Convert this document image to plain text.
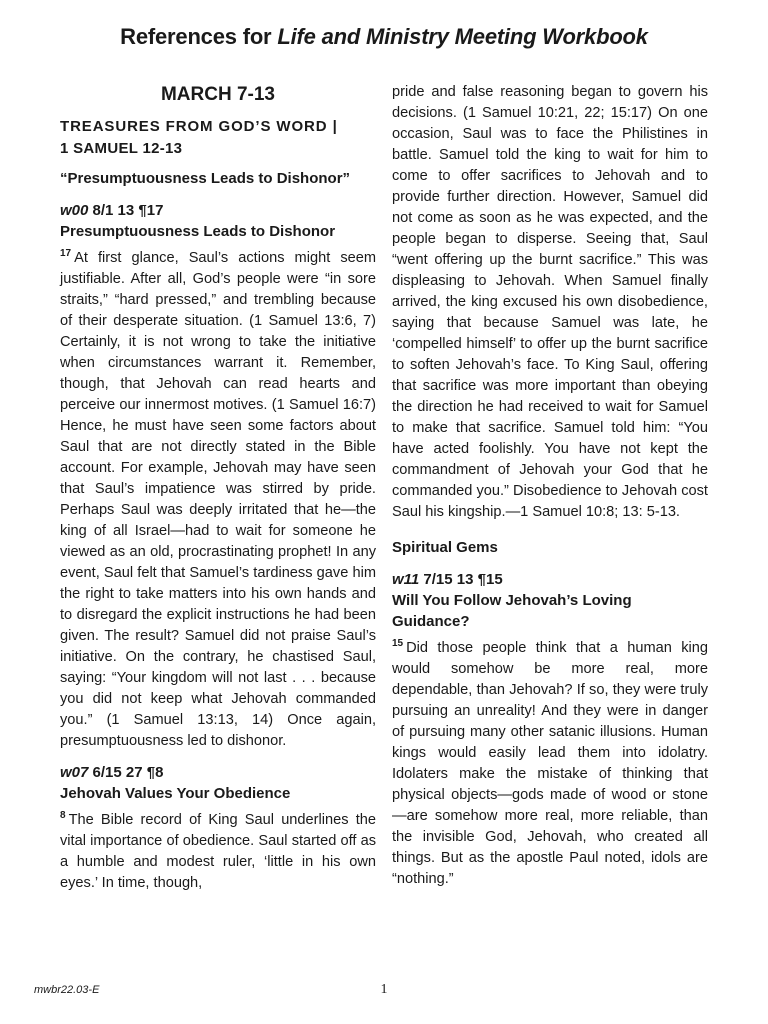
References for Life and Ministry Meeting Workbook
MARCH 7-13
TREASURES FROM GOD’S WORD |
1 SAMUEL 12-13
“Presumptuousness Leads to Dishonor”
w00 8/1 13 ¶17
Presumptuousness Leads to Dishonor

$^{17}$ At first glance, Saul’s actions might seem justifiable. After all, God’s people were “in sore straits,” “hard pressed,” and trembling because of their desperate situation. (1 Samuel 13:6, 7) Certainly, it is not wrong to take the initiative when circumstances warrant it. Remember, though, that Jehovah can read hearts and perceive our innermost motives. (1 Samuel 16:7) Hence, he must have seen some factors about Saul that are not directly stated in the Bible account. For example, Jehovah may have seen that Saul’s impatience was stirred by pride. Perhaps Saul was deeply irritated that he—the king of all Israel—had to wait for someone he viewed as an old, procrastinating prophet! In any event, Saul felt that Samuel’s tardiness gave him the right to take matters into his own hands and to disregard the explicit instructions he had been given. The result? Samuel did not praise Saul’s initiative. On the contrary, he chastised Saul, saying: “Your kingdom will not last . . . because you did not keep what Jehovah commanded you.” (1 Samuel 13:13, 14) Once again, presumptuousness led to dishonor.

w07 6/15 27 ¶8
Jehovah Values Your Obedience

$^8$ The Bible record of King Saul underlines the vital importance of obedience. Saul started off as a humble and modest ruler, ‘little in his own eyes.’ In time, though,

pride and false reasoning began to govern his decisions. (1 Samuel 10:21, 22; 15:17) On one occasion, Saul was to face the Philistines in battle. Samuel told the king to wait for him to come to offer sacrifices to Jehovah and to provide further direction. However, Samuel did not come as soon as he was expected, and the people began to disperse. Seeing that, Saul “went offering up the burnt sacrifice.” This was displeasing to Jehovah. When Samuel finally arrived, the king excused his own disobedience, saying that because Samuel was late, he ‘compelled himself’ to offer up the burnt sacrifice to soften Jehovah’s face. To King Saul, offering that sacrifice was more important than obeying the direction he had received to wait for Samuel to make that sacrifice. Samuel told him: “You have acted foolishly. You have not kept the commandment of Jehovah your God that he commanded you.” Disobedience to Jehovah cost Saul his kingship.—1 Samuel 10:8; 13: 5-13.

Spiritual Gems
w11 7/15 13 ¶15
Will You Follow Jehovah’s Loving Guidance?

$^{15}$ Did those people think that a human king would somehow be more real, more dependable, than Jehovah? If so, they were truly pursuing an unreality! And they were in danger of pursuing many other satanic illusions. Human kings would easily lead them into idolatry. Idolaters make the mistake of thinking that physical objects—gods made of wood or stone—are somehow more real, more reliable, than the invisible God, Jehovah, who created all things. But as the apostle Paul noted, idols are “nothing.”

mwbr22.03-E	1
